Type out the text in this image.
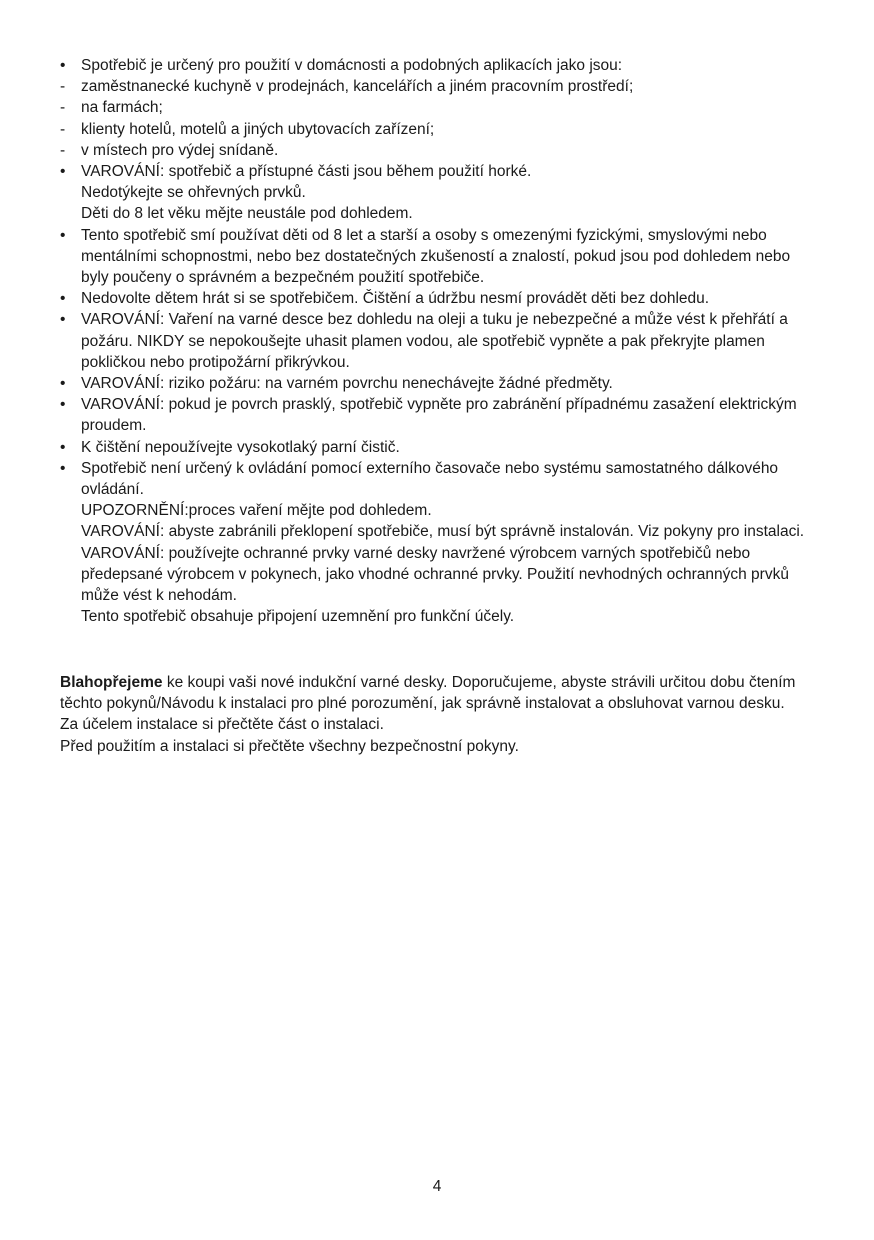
•	Spotřebič je určený pro použití v domácnosti a podobných aplikacích jako jsou:
-	zaměstnanecké kuchyně v prodejnách, kancelářích a jiném pracovním prostředí;
-	na farmách;
-	klienty hotelů, motelů a jiných ubytovacích zařízení;
-	v místech pro výdej snídaně.
•	VAROVÁNÍ: spotřebič a přístupné části jsou během použití horké.
Nedotýkejte se ohřevných prvků.
Děti do 8 let věku mějte neustále pod dohledem.
•	Tento spotřebič smí používat děti od 8 let a starší a osoby s omezenými fyzickými, smyslovými nebo mentálními schopnostmi, nebo bez dostatečných zkušeností a znalostí, pokud jsou pod dohledem nebo byly poučeny o správném a bezpečném použití spotřebiče.
•	Nedovolte dětem hrát si se spotřebičem. Čištění a údržbu nesmí provádět děti bez dohledu.
•	VAROVÁNÍ: Vaření na varné desce bez dohledu na oleji a tuku je nebezpečné a může vést k přehřátí a požáru. NIKDY se nepokoušejte uhasit plamen vodou, ale spotřebič vypněte a pak překryjte plamen pokličkou nebo protipožární přikrývkou.
•	VAROVÁNÍ: riziko požáru: na varném povrchu nenechávejte žádné předměty.
•	VAROVÁNÍ: pokud je povrch prasklý, spotřebič vypněte pro zabránění případnému zasažení elektrickým proudem.
•	K čištění nepoužívejte vysokotlaký parní čistič.
•	Spotřebič není určený k ovládání pomocí externího časovače nebo systému samostatného dálkového ovládání.
UPOZORNĚNÍ:proces vaření mějte pod dohledem.
VAROVÁNÍ: abyste zabránili překlopení spotřebiče, musí být správně instalován. Viz pokyny pro instalaci.
VAROVÁNÍ: používejte ochranné prvky varné desky navržené výrobcem varných spotřebičů nebo předepsané výrobcem v pokynech, jako vhodné ochranné prvky. Použití nevhodných ochranných prvků může vést k nehodám.
Tento spotřebič obsahuje připojení uzemnění pro funkční účely.
Blahopřejeme ke koupi vaši nové indukční varné desky. Doporučujeme, abyste strávili určitou dobu čtením těchto pokynů/Návodu k instalaci pro plné porozumění, jak správně instalovat a obsluhovat varnou desku.
Za účelem instalace si přečtěte část o instalaci.
Před použitím a instalaci si přečtěte všechny bezpečnostní pokyny.
4
